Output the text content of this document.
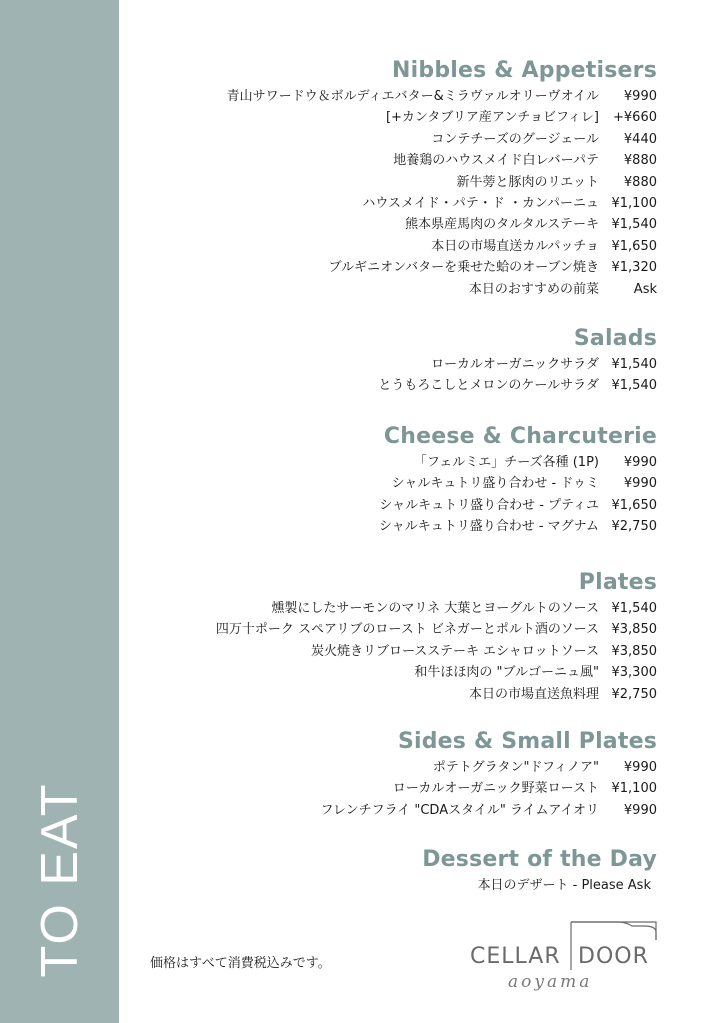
TO EAT
Nibbles & Appetisers
青山サワードウ＆ボルディエバター&ミラヴァルオリーヴオイル	¥990
[+カンタブリア産アンチョビフィレ]	+¥660
コンテチーズのグージェール	¥440
地養鶏のハウスメイド白レバーパテ	¥880
新牛蒡と豚肉のリエット	¥880
ハウスメイド・パテ・ド ・カンパーニュ ¥1,100
熊本県産馬肉のタルタルステーキ ¥1,540
本日の市場直送カルパッチョ ¥1,650
ブルギニオンバターを乗せた蛤のオーブン焼き ¥1,320
本日のおすすめの前菜	Ask
Salads
ローカルオーガニックサラダ ¥1,540
とうもろこしとメロンのケールサラダ ¥1,540
Cheese & Charcuterie
「フェルミエ」チーズ各種 (1P)	¥990
シャルキュトリ盛り合わせ - ドゥミ	¥990
シャルキュトリ盛り合わせ - プティユ ¥1,650
シャルキュトリ盛り合わせ - マグナム ¥2,750
Plates
燻製にしたサーモンのマリネ 大葉とヨーグルトのソース ¥1,540
四万十ポーク スペアリブのロースト ビネガーとポルト酒のソース ¥3,850
炭火焼きリブロースステーキ エシャロットソース ¥3,850
和牛ほほ肉の "ブルゴーニュ風" ¥3,300
本日の市場直送魚料理 ¥2,750
Sides & Small Plates
ポテトグラタン"ドフィノア"	¥990
ローカルオーガニック野菜ロースト ¥1,100
フレンチフライ "CDAスタイル" ライムアイオリ	¥990
Dessert of the Day
本日のデザート - Please Ask
価格はすべて消費税込みです。	CELLAR DOOR
aoyama
